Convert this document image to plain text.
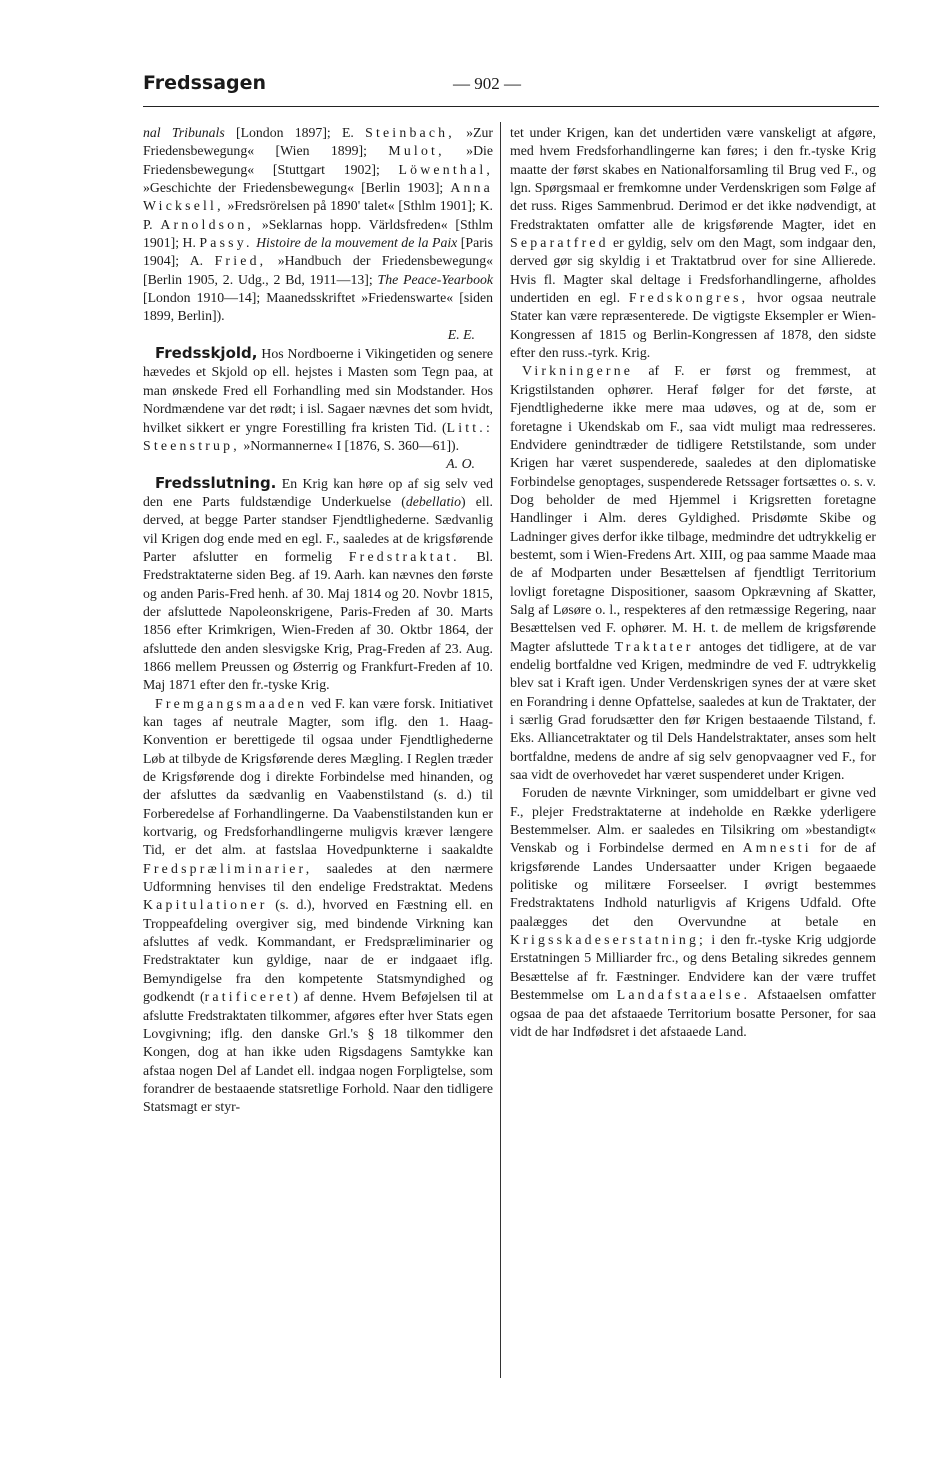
Fredssagen	— 902 —

nal Tribunals [London 1897]; E. Steinbach, »Zur Friedensbewegung« [Wien 1899]; Mulot, »Die Friedensbewegung« [Stuttgart 1902]; Löwenthal, »Geschichte der Friedensbewegung« [Berlin 1903]; Anna Wicksell, »Fredsrörelsen på 1890' talet« [Sthlm 1901]; K. P. Arnoldson, »Seklarnas hopp. Världsfreden« [Sthlm 1901]; H. Passy. Histoire de la mouvement de la Paix [Paris 1904]; A. Fried, »Handbuch der Friedensbewegung« [Berlin 1905, 2. Udg., 2 Bd, 1911—13]; The Peace-Yearbook [London 1910—14]; Maanedsskriftet »Friedenswarte« [siden 1899, Berlin]).

E. E.

Fredsskjold, Hos Nordboerne i Vikingetiden og senere hævedes et Skjold op ell. hejstes i Masten som Tegn paa, at man ønskede Fred ell Forhandling med sin Modstander. Hos Nordmændene var det rødt; i isl. Sagaer nævnes det som hvidt, hvilket sikkert er yngre Forestilling fra kristen Tid. (Litt.: Steenstrup, »Normannerne« I [1876, S. 360—61]).

A. O.

Fredsslutning. En Krig kan høre op af sig selv ved den ene Parts fuldstændige Underkuelse (debellatio) ell. derved, at begge Parter standser Fjendtlighederne. Sædvanlig vil Krigen dog ende med en egl. F., saaledes at de krigsførende Parter afslutter en formelig Fredstraktat. Bl. Fredstraktaterne siden Beg. af 19. Aarh. kan nævnes den første og anden Paris-Fred henh. af 30. Maj 1814 og 20. Novbr 1815, der afsluttede Napoleonskrigene, Paris-Freden af 30. Marts 1856 efter Krimkrigen, Wien-Freden af 30. Oktbr 1864, der afsluttede den anden slesvigske Krig, Prag-Freden af 23. Aug. 1866 mellem Preussen og Østerrig og Frankfurt-Freden af 10. Maj 1871 efter den fr.-tyske Krig.

Fremgangsmaaden ved F. kan være forsk. Initiativet kan tages af neutrale Magter, som iflg. den 1. Haag-Konvention er berettigede til ogsaa under Fjendtlighederne Løb at tilbyde de Krigsførende deres Mægling. I Reglen træder de Krigsførende dog i direkte Forbindelse med hinanden, og der afsluttes da sædvanlig en Vaabenstilstand (s. d.) til Forberedelse af Forhandlingerne. Da Vaabenstilstanden kun er kortvarig, og Fredsforhandlingerne muligvis kræver længere Tid, er det alm. at fastslaa Hovedpunkterne i saakaldte Fredspræliminarier, saaledes at den nærmere Udformning henvises til den endelige Fredstraktat. Medens Kapitulationer (s. d.), hvorved en Fæstning ell. en Troppeafdeling overgiver sig, med bindende Virkning kan afsluttes af vedk. Kommandant, er Fredspræliminarier og Fredstraktater kun gyldige, naar de er indgaaet iflg. Bemyndigelse fra den kompetente Statsmyndighed og godkendt (ratificeret) af denne. Hvem Beføjelsen til at afslutte Fredstraktaten tilkommer, afgøres efter hver Stats egen Lovgivning; iflg. den danske Grl.'s § 18 tilkommer den Kongen, dog at han ikke uden Rigsdagens Samtykke kan afstaa nogen Del af Landet ell. indgaa nogen Forpligtelse, som forandrer de bestaaende statsretlige Forhold. Naar den tidligere Statsmagt er styr-

tet under Krigen, kan det undertiden være vanskeligt at afgøre, med hvem Fredsforhandlingerne kan føres; i den fr.-tyske Krig maatte der først skabes en Nationalforsamling til Brug ved F., og lgn. Spørgsmaal er fremkomne under Verdenskrigen som Følge af det russ. Riges Sammenbrud. Derimod er det ikke nødvendigt, at Fredstraktaten omfatter alle de krigsførende Magter, idet en Separatfred er gyldig, selv om den Magt, som indgaar den, derved gør sig skyldig i et Traktatbrud over for sine Allierede. Hvis fl. Magter skal deltage i Fredsforhandlingerne, afholdes undertiden en egl. Fredskongres, hvor ogsaa neutrale Stater kan være repræsenterede. De vigtigste Eksempler er Wien-Kongressen af 1815 og Berlin-Kongressen af 1878, den sidste efter den russ.-tyrk. Krig.

Virkningerne af F. er først og fremmest, at Krigstilstanden ophører. Heraf følger for det første, at Fjendtlighederne ikke mere maa udøves, og at de, som er foretagne i Ukendskab om F., saa vidt muligt maa redresseres. Endvidere genindtræder de tidligere Retstilstande, som under Krigen har været suspenderede, saaledes at den diplomatiske Forbindelse genoptages, suspenderede Retssager fortsættes o. s. v. Dog beholder de med Hjemmel i Krigsretten foretagne Handlinger i Alm. deres Gyldighed. Prisdømte Skibe og Ladninger gives derfor ikke tilbage, medmindre det udtrykkelig er bestemt, som i Wien-Fredens Art. XIII, og paa samme Maade maa de af Modparten under Besættelsen af fjendtligt Territorium lovligt foretagne Dispositioner, saasom Opkrævning af Skatter, Salg af Løsøre o. l., respekteres af den retmæssige Regering, naar Besættelsen ved F. ophører. M. H. t. de mellem de krigsførende Magter afsluttede Traktater antoges det tidligere, at de var endelig bortfaldne ved Krigen, medmindre de ved F. udtrykkelig blev sat i Kraft igen. Under Verdenskrigen synes der at være sket en Forandring i denne Opfattelse, saaledes at kun de Traktater, der i særlig Grad forudsætter den før Krigen bestaaende Tilstand, f. Eks. Alliancetraktater og til Dels Handelstraktater, anses som helt bortfaldne, medens de andre af sig selv genopvaagner ved F., for saa vidt de overhovedet har været suspenderet under Krigen.

Foruden de nævnte Virkninger, som umiddelbart er givne ved F., plejer Fredstraktaterne at indeholde en Række yderligere Bestemmelser. Alm. er saaledes en Tilsikring om »bestandigt« Venskab og i Forbindelse dermed en Amnesti for de af krigsførende Landes Undersaatter under Krigen begaaede politiske og militære Forseelser. I øvrigt bestemmes Fredstraktatens Indhold naturligvis af Krigens Udfald. Ofte paalægges det den Overvundne at betale en Krigsskadeserstatning; i den fr.-tyske Krig udgjorde Erstatningen 5 Milliarder frc., og dens Betaling sikredes gennem Besættelse af fr. Fæstninger. Endvidere kan der være truffet Bestemmelse om Landafstaaelse. Afstaaelsen omfatter ogsaa de paa det afstaaede Territorium bosatte Personer, for saa vidt de har Indfødsret i det afstaaede Land.
